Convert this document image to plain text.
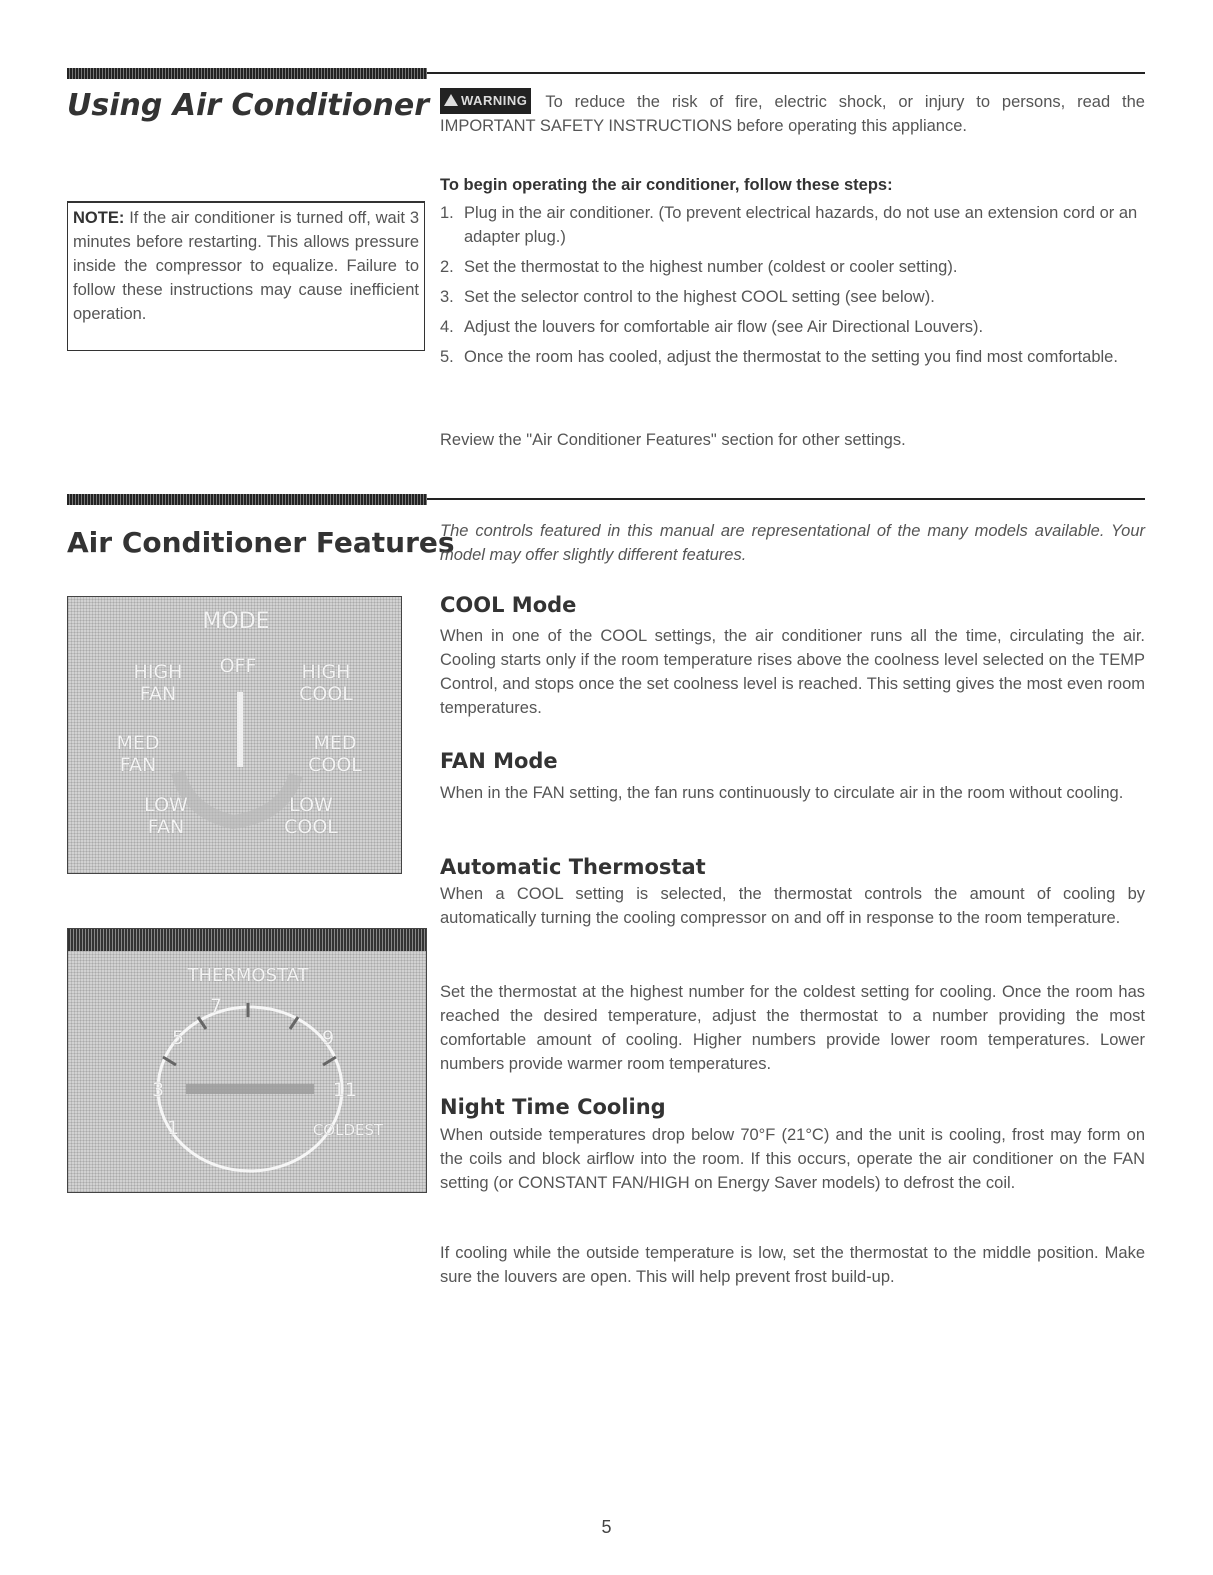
Using Air Conditioner	WARNING To reduce the risk of fire, electric shock, or injury to persons, read the IMPORTANT SAFETY INSTRUCTIONS before operating this appliance.
NOTE: If the air conditioner is turned off, wait 3 minutes before restarting. This allows pressure inside the compressor to equalize. Failure to follow these instructions may cause inefficient operation.
To begin operating the air conditioner, follow these steps:
1. Plug in the air conditioner. (To prevent electrical hazards, do not use an extension cord or an adapter plug.)
2. Set the thermostat to the highest number (coldest or cooler setting).
3. Set the selector control to the highest COOL setting (see below).
4. Adjust the louvers for comfortable air flow (see Air Directional Louvers).
5. Once the room has cooled, adjust the thermostat to the setting you find most comfortable.
Review the "Air Conditioner Features" section for other settings.
Air Conditioner Features
The controls featured in this manual are representational of the many models available. Your model may offer slightly different features.
MODE
OFF
HIGH
FAN
HIGH
COOL
MED
FAN
MED
COOL
LOW
FAN
LOW
COOL
THERMOSTAT
1
3
5
7
9
11
COLDEST
COOL Mode
When in one of the COOL settings, the air conditioner runs all the time, circulating the air. Cooling starts only if the room temperature rises above the coolness level selected on the TEMP Control, and stops once the set coolness level is reached. This setting gives the most even room temperatures.
FAN Mode
When in the FAN setting, the fan runs continuously to circulate air in the room without cooling.
Automatic Thermostat
When a COOL setting is selected, the thermostat controls the amount of cooling by automatically turning the cooling compressor on and off in response to the room temperature.
Set the thermostat at the highest number for the coldest setting for cooling. Once the room has reached the desired temperature, adjust the thermostat to a number providing the most comfortable amount of cooling. Higher numbers provide lower room temperatures. Lower numbers provide warmer room temperatures.
Night Time Cooling
When outside temperatures drop below 70°F (21°C) and the unit is cooling, frost may form on the coils and block airflow into the room. If this occurs, operate the air conditioner on the FAN setting (or CONSTANT FAN/HIGH on Energy Saver models) to defrost the coil.
If cooling while the outside temperature is low, set the thermostat to the middle position. Make sure the louvers are open. This will help prevent frost build-up.
5
